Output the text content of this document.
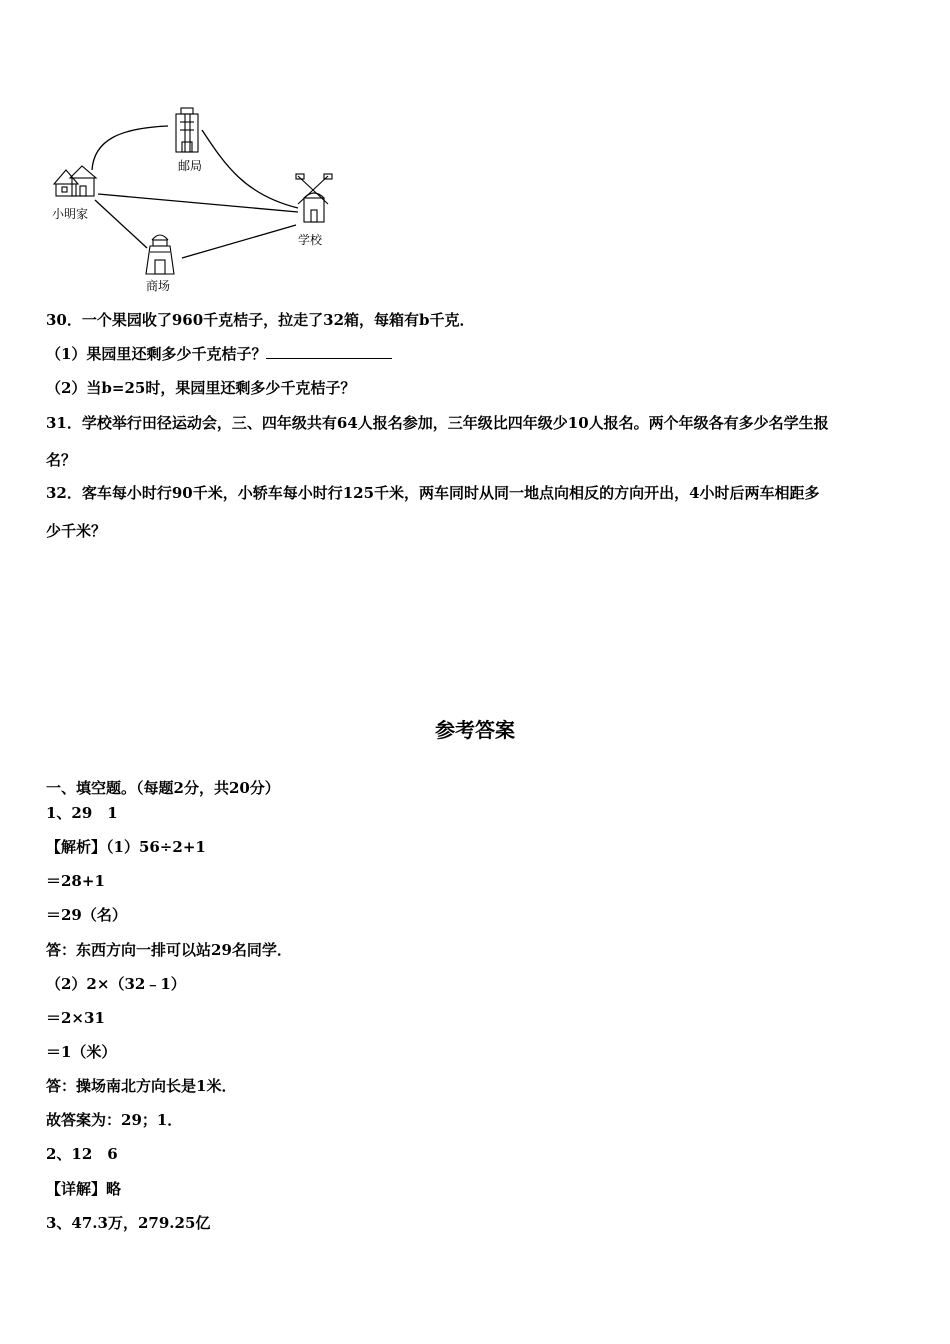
邮局
小明家
学校
商场
30．一个果园收了960千克桔子，拉走了32箱，每箱有b千克．
（1）果园里还剩多少千克桔子？
（2）当b=25时，果园里还剩多少千克桔子？
31．学校举行田径运动会，三、四年级共有64人报名参加，三年级比四年级少10人报名。两个年级各有多少名学生报
名？
32．客车每小时行90千米，小轿车每小时行125千米，两车同时从同一地点向相反的方向开出，4小时后两车相距多
少千米？
参考答案
一、填空题。（每题2分，共20分）
1、29　1
【解析】（1）56÷2+1
＝28+1
＝29（名）
答：东西方向一排可以站29名同学．
（2）2×（32﹣1）
＝2×31
＝1（米）
答：操场南北方向长是1米．
故答案为：29；1．
2、12　6
【详解】略
3、47.3万，279.25亿
